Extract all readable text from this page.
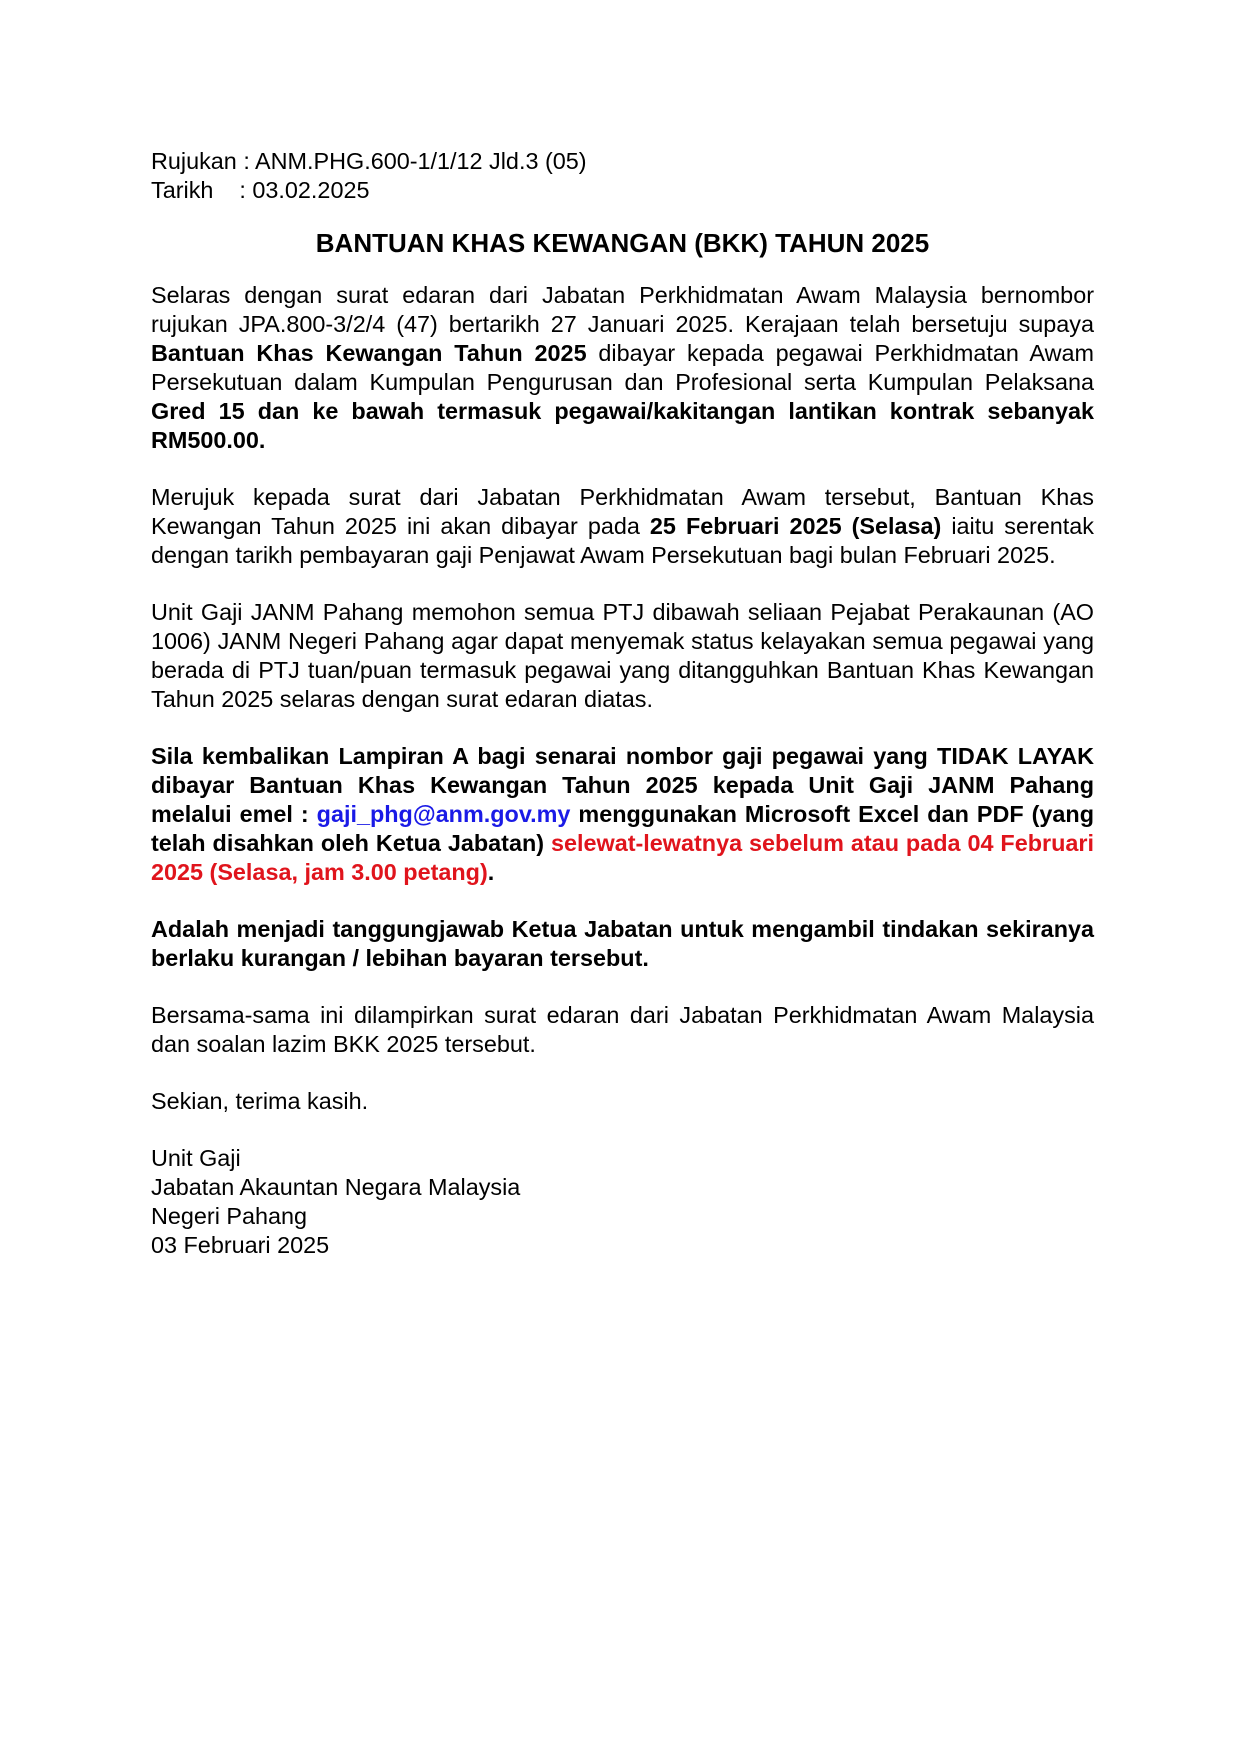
Rujukan
: ANM.PHG.600-1/1/12 Jld.3 (05)
Tarikh
: 03.02.2025
BANTUAN KHAS KEWANGAN (BKK) TAHUN 2025

Selaras dengan surat edaran dari Jabatan Perkhidmatan Awam Malaysia bernombor rujukan JPA.800-3/2/4 (47) bertarikh 27 Januari 2025. Kerajaan telah bersetuju supaya Bantuan Khas Kewangan Tahun 2025 dibayar kepada pegawai Perkhidmatan Awam Persekutuan dalam Kumpulan Pengurusan dan Profesional serta Kumpulan Pelaksana Gred 15 dan ke bawah termasuk pegawai/kakitangan lantikan kontrak sebanyak RM500.00.

Merujuk kepada surat dari Jabatan Perkhidmatan Awam tersebut, Bantuan Khas Kewangan Tahun 2025 ini akan dibayar pada 25 Februari 2025 (Selasa) iaitu serentak dengan tarikh pembayaran gaji Penjawat Awam Persekutuan bagi bulan Februari 2025.

Unit Gaji JANM Pahang memohon semua PTJ dibawah seliaan Pejabat Perakaunan (AO 1006) JANM Negeri Pahang agar dapat menyemak status kelayakan semua pegawai yang berada di PTJ tuan/puan termasuk pegawai yang ditangguhkan Bantuan Khas Kewangan Tahun 2025 selaras dengan surat edaran diatas.

Sila kembalikan Lampiran A bagi senarai nombor gaji pegawai yang TIDAK LAYAK dibayar Bantuan Khas Kewangan Tahun 2025 kepada Unit Gaji JANM Pahang melalui emel : gaji_phg@anm.gov.my menggunakan Microsoft Excel dan PDF (yang telah disahkan oleh Ketua Jabatan) selewat-lewatnya sebelum atau pada 04 Februari 2025 (Selasa, jam 3.00 petang).

Adalah menjadi tanggungjawab Ketua Jabatan untuk mengambil tindakan sekiranya berlaku kurangan / lebihan bayaran tersebut.

Bersama-sama ini dilampirkan surat edaran dari Jabatan Perkhidmatan Awam Malaysia dan soalan lazim BKK 2025 tersebut.

Sekian, terima kasih.

Unit Gaji
Jabatan Akauntan Negara Malaysia
Negeri Pahang
03 Februari 2025
